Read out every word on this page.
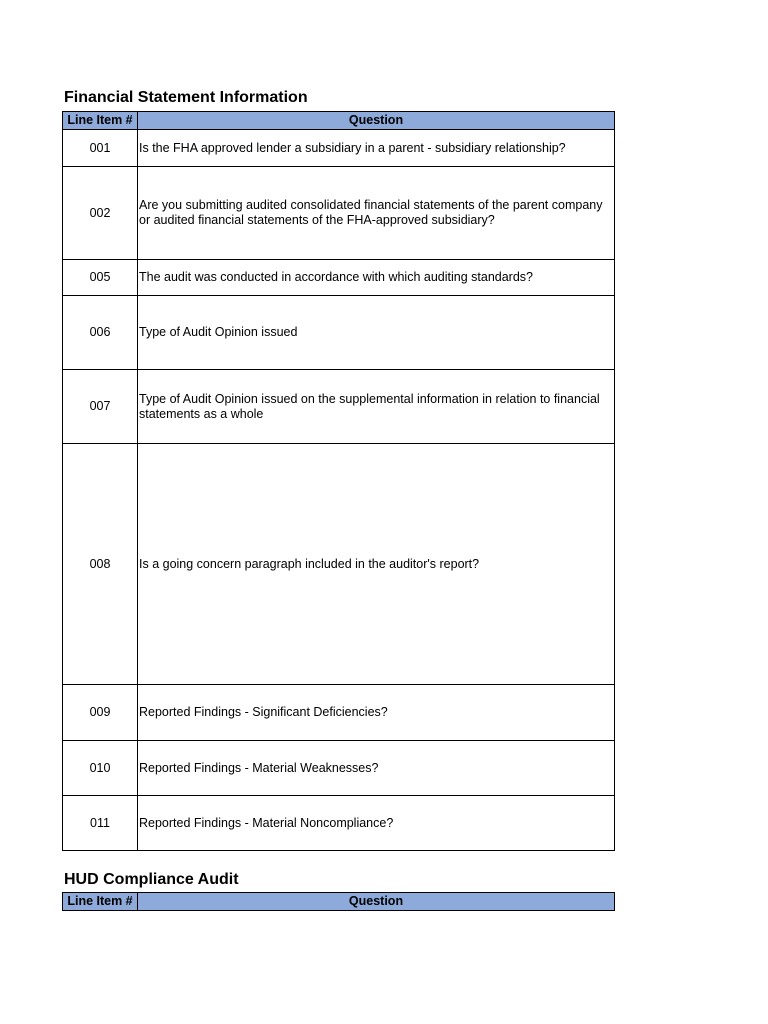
Financial Statement Information
Line Item #	Question
001	Is the FHA approved lender a subsidiary in a parent - subsidiary relationship?
002	Are you submitting audited consolidated financial statements of the parent company or audited financial statements of the FHA-approved subsidiary?
005	The audit was conducted in accordance with which auditing standards?
006	Type of Audit Opinion issued
007	Type of Audit Opinion issued on the supplemental information in relation to financial statements as a whole
008	Is a going concern paragraph included in the auditor's report?
009	Reported Findings - Significant Deficiencies?
010	Reported Findings - Material Weaknesses?
011	Reported Findings - Material Noncompliance?
HUD Compliance Audit
Line Item #	Question
